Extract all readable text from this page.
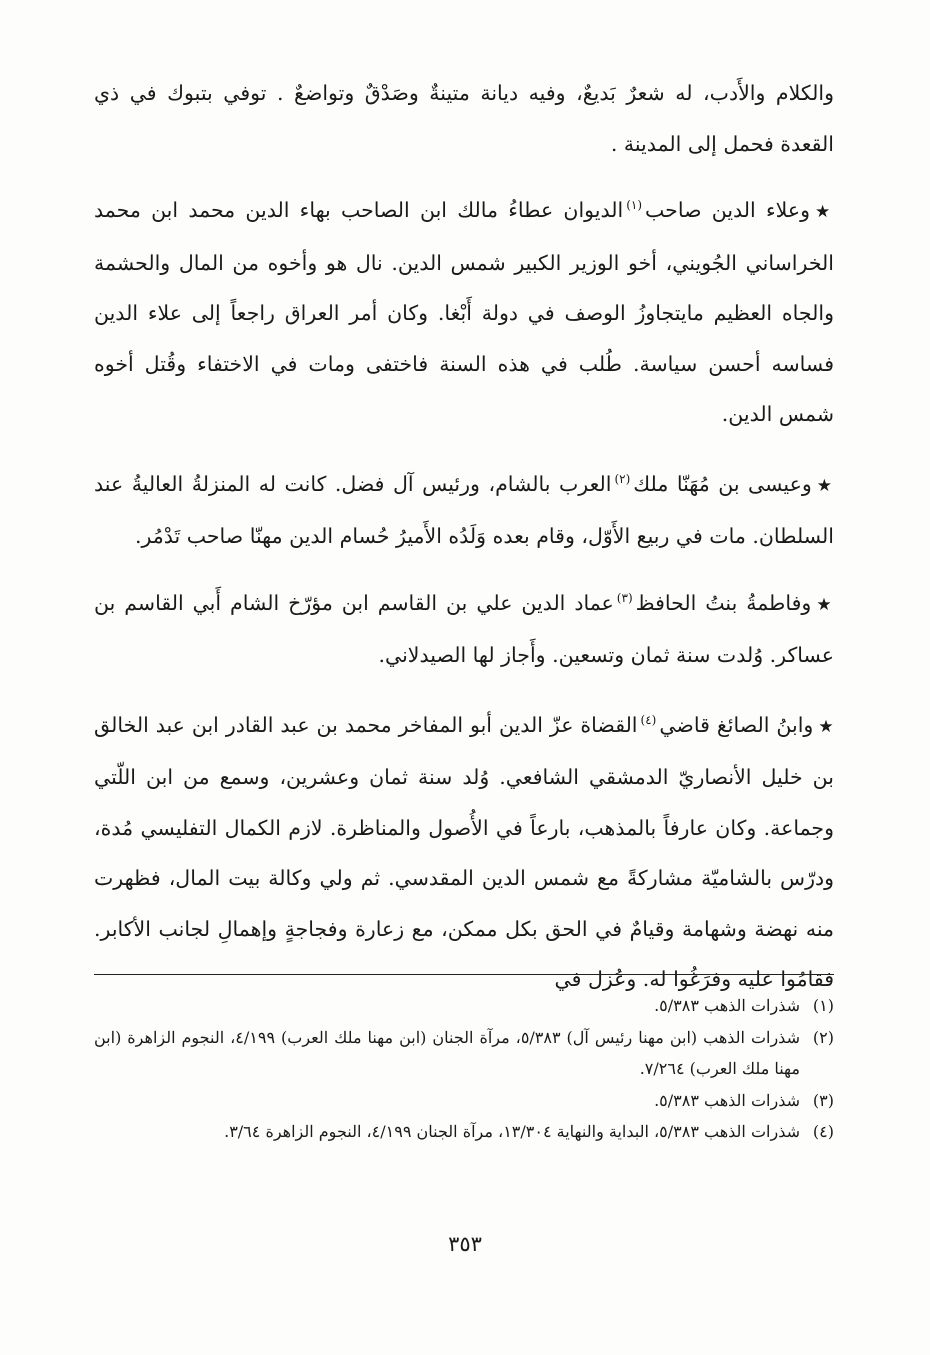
والكلام والأَدب، له شعرٌ بَديعٌ، وفيه ديانة متينةٌ وصَدْقٌ وتواضعٌ . توفي بتبوك في ذي القعدة فحمل إلى المدينة .

★وعلاء الدين صاحب$^{(١)}$الديوان عطاءُ مالك ابن الصاحب بهاء الدين محمد ابن محمد الخراساني الجُويني، أخو الوزير الكبير شمس الدين. نال هو وأخوه من المال والحشمة والجاه العظيم مايتجاوزُ الوصف في دولة أَبْغا. وكان أمر العراق راجعاً إلى علاء الدين فساسه أحسن سياسة. طُلب في هذه السنة فاختفى ومات في الاختفاء وقُتل أخوه شمس الدين.

★وعيسى بن مُهَنّا ملك$^{(٢)}$العرب بالشام، ورئيس آل فضل. كانت له المنزلةُ العاليةُ عند السلطان. مات في ربيع الأَوّل، وقام بعده وَلَدُه الأَميرُ حُسام الدين مهنّا صاحب تَدْمُر.

★وفاطمةُ بنتُ الحافظ$^{(٣)}$عماد الدين علي بن القاسم ابن مؤرّخ الشام أَبي القاسم بن عساكر. وُلدت سنة ثمان وتسعين. وأَجاز لها الصيدلاني.

★وابنُ الصائغ قاضي$^{(٤)}$القضاة عزّ الدين أبو المفاخر محمد بن عبد القادر ابن عبد الخالق بن خليل الأنصاريّ الدمشقي الشافعي. وُلد سنة ثمان وعشرين، وسمع من ابن اللّتي وجماعة. وكان عارفاً بالمذهب، بارعاً في الأُصول والمناظرة. لازم الكمال التفليسي مُدة، ودرّس بالشاميّة مشاركةً مع شمس الدين المقدسي. ثم ولي وكالة بيت المال، فظهرت منه نهضة وشهامة وقيامٌ في الحق بكل ممكن، مع زعارة وفجاجةٍ وإهمالِ لجانب الأكابر. فقامُوا عليه وفرَغُوا له. وعُزل في

(١)
شذرات الذهب ٥/٣٨٣.
(٢)
شذرات الذهب (ابن مهنا رئيس آل) ٥/٣٨٣، مرآة الجنان (ابن مهنا ملك العرب) ٤/١٩٩، النجوم الزاهرة (ابن مهنا ملك العرب) ٧/٢٦٤.
(٣)
شذرات الذهب ٥/٣٨٣.
(٤)
شذرات الذهب ٥/٣٨٣، البداية والنهاية ١٣/٣٠٤، مرآة الجنان ٤/١٩٩، النجوم الزاهرة ٣/٦٤.
٣٥٣
